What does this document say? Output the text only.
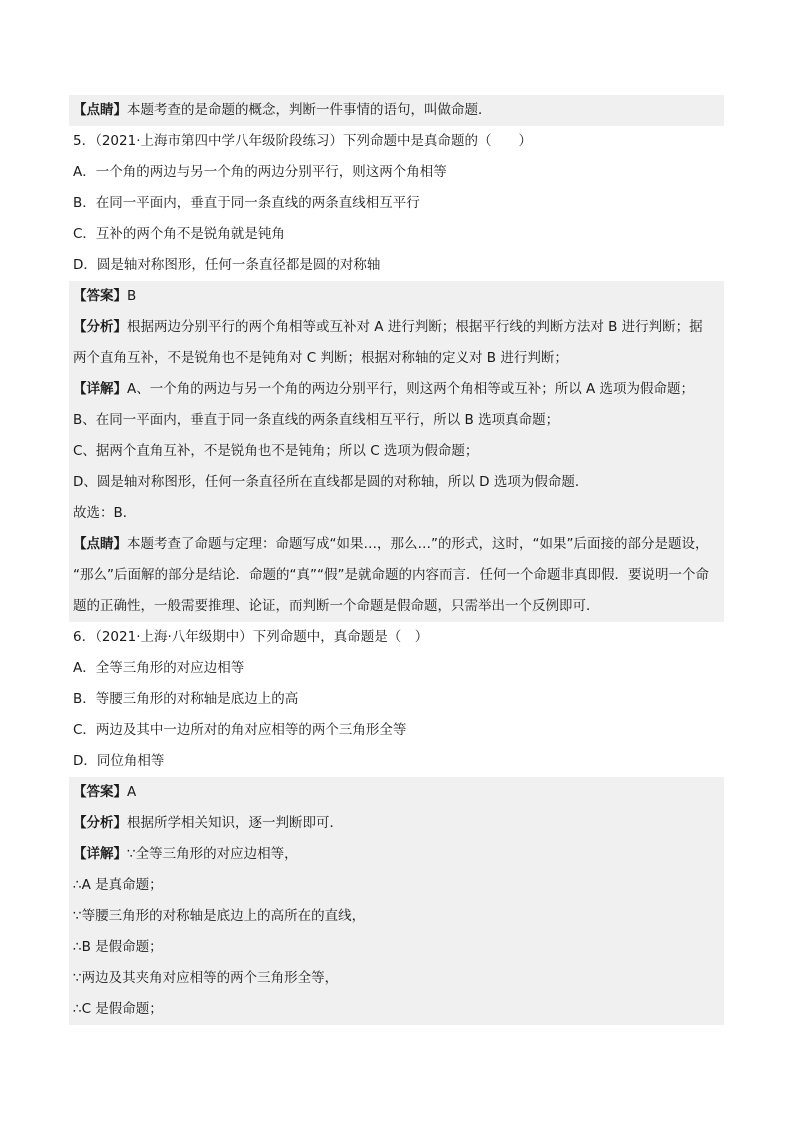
【点睛】本题考查的是命题的概念，判断一件事情的语句，叫做命题．
5．（2021·上海市第四中学八年级阶段练习）下列命题中是真命题的（　　）
A．一个角的两边与另一个角的两边分别平行，则这两个角相等
B．在同一平面内，垂直于同一条直线的两条直线相互平行
C．互补的两个角不是锐角就是钝角
D．圆是轴对称图形，任何一条直径都是圆的对称轴
【答案】B
【分析】根据两边分别平行的两个角相等或互补对 A 进行判断；根据平行线的判断方法对 B 进行判断；据
两个直角互补，不是锐角也不是钝角对 C 判断；根据对称轴的定义对 B 进行判断；
【详解】A、一个角的两边与另一个角的两边分别平行，则这两个角相等或互补；所以 A 选项为假命题；
B、在同一平面内，垂直于同一条直线的两条直线相互平行，所以 B 选项真命题；
C、据两个直角互补，不是锐角也不是钝角；所以 C 选项为假命题；
D、圆是轴对称图形，任何一条直径所在直线都是圆的对称轴，所以 D 选项为假命题．
故选：B．
【点睛】本题考查了命题与定理：命题写成“如果…，那么…”的形式，这时，“如果”后面接的部分是题设，
“那么”后面解的部分是结论．命题的“真”“假”是就命题的内容而言．任何一个命题非真即假．要说明一个命
题的正确性，一般需要推理、论证，而判断一个命题是假命题，只需举出一个反例即可．
6．（2021·上海·八年级期中）下列命题中，真命题是（　）
A．全等三角形的对应边相等
B．等腰三角形的对称轴是底边上的高
C．两边及其中一边所对的角对应相等的两个三角形全等
D．同位角相等
【答案】A
【分析】根据所学相关知识，逐一判断即可．
【详解】∵全等三角形的对应边相等，
∴A 是真命题；
∵等腰三角形的对称轴是底边上的高所在的直线，
∴B 是假命题；
∵两边及其夹角对应相等的两个三角形全等，
∴C 是假命题；
